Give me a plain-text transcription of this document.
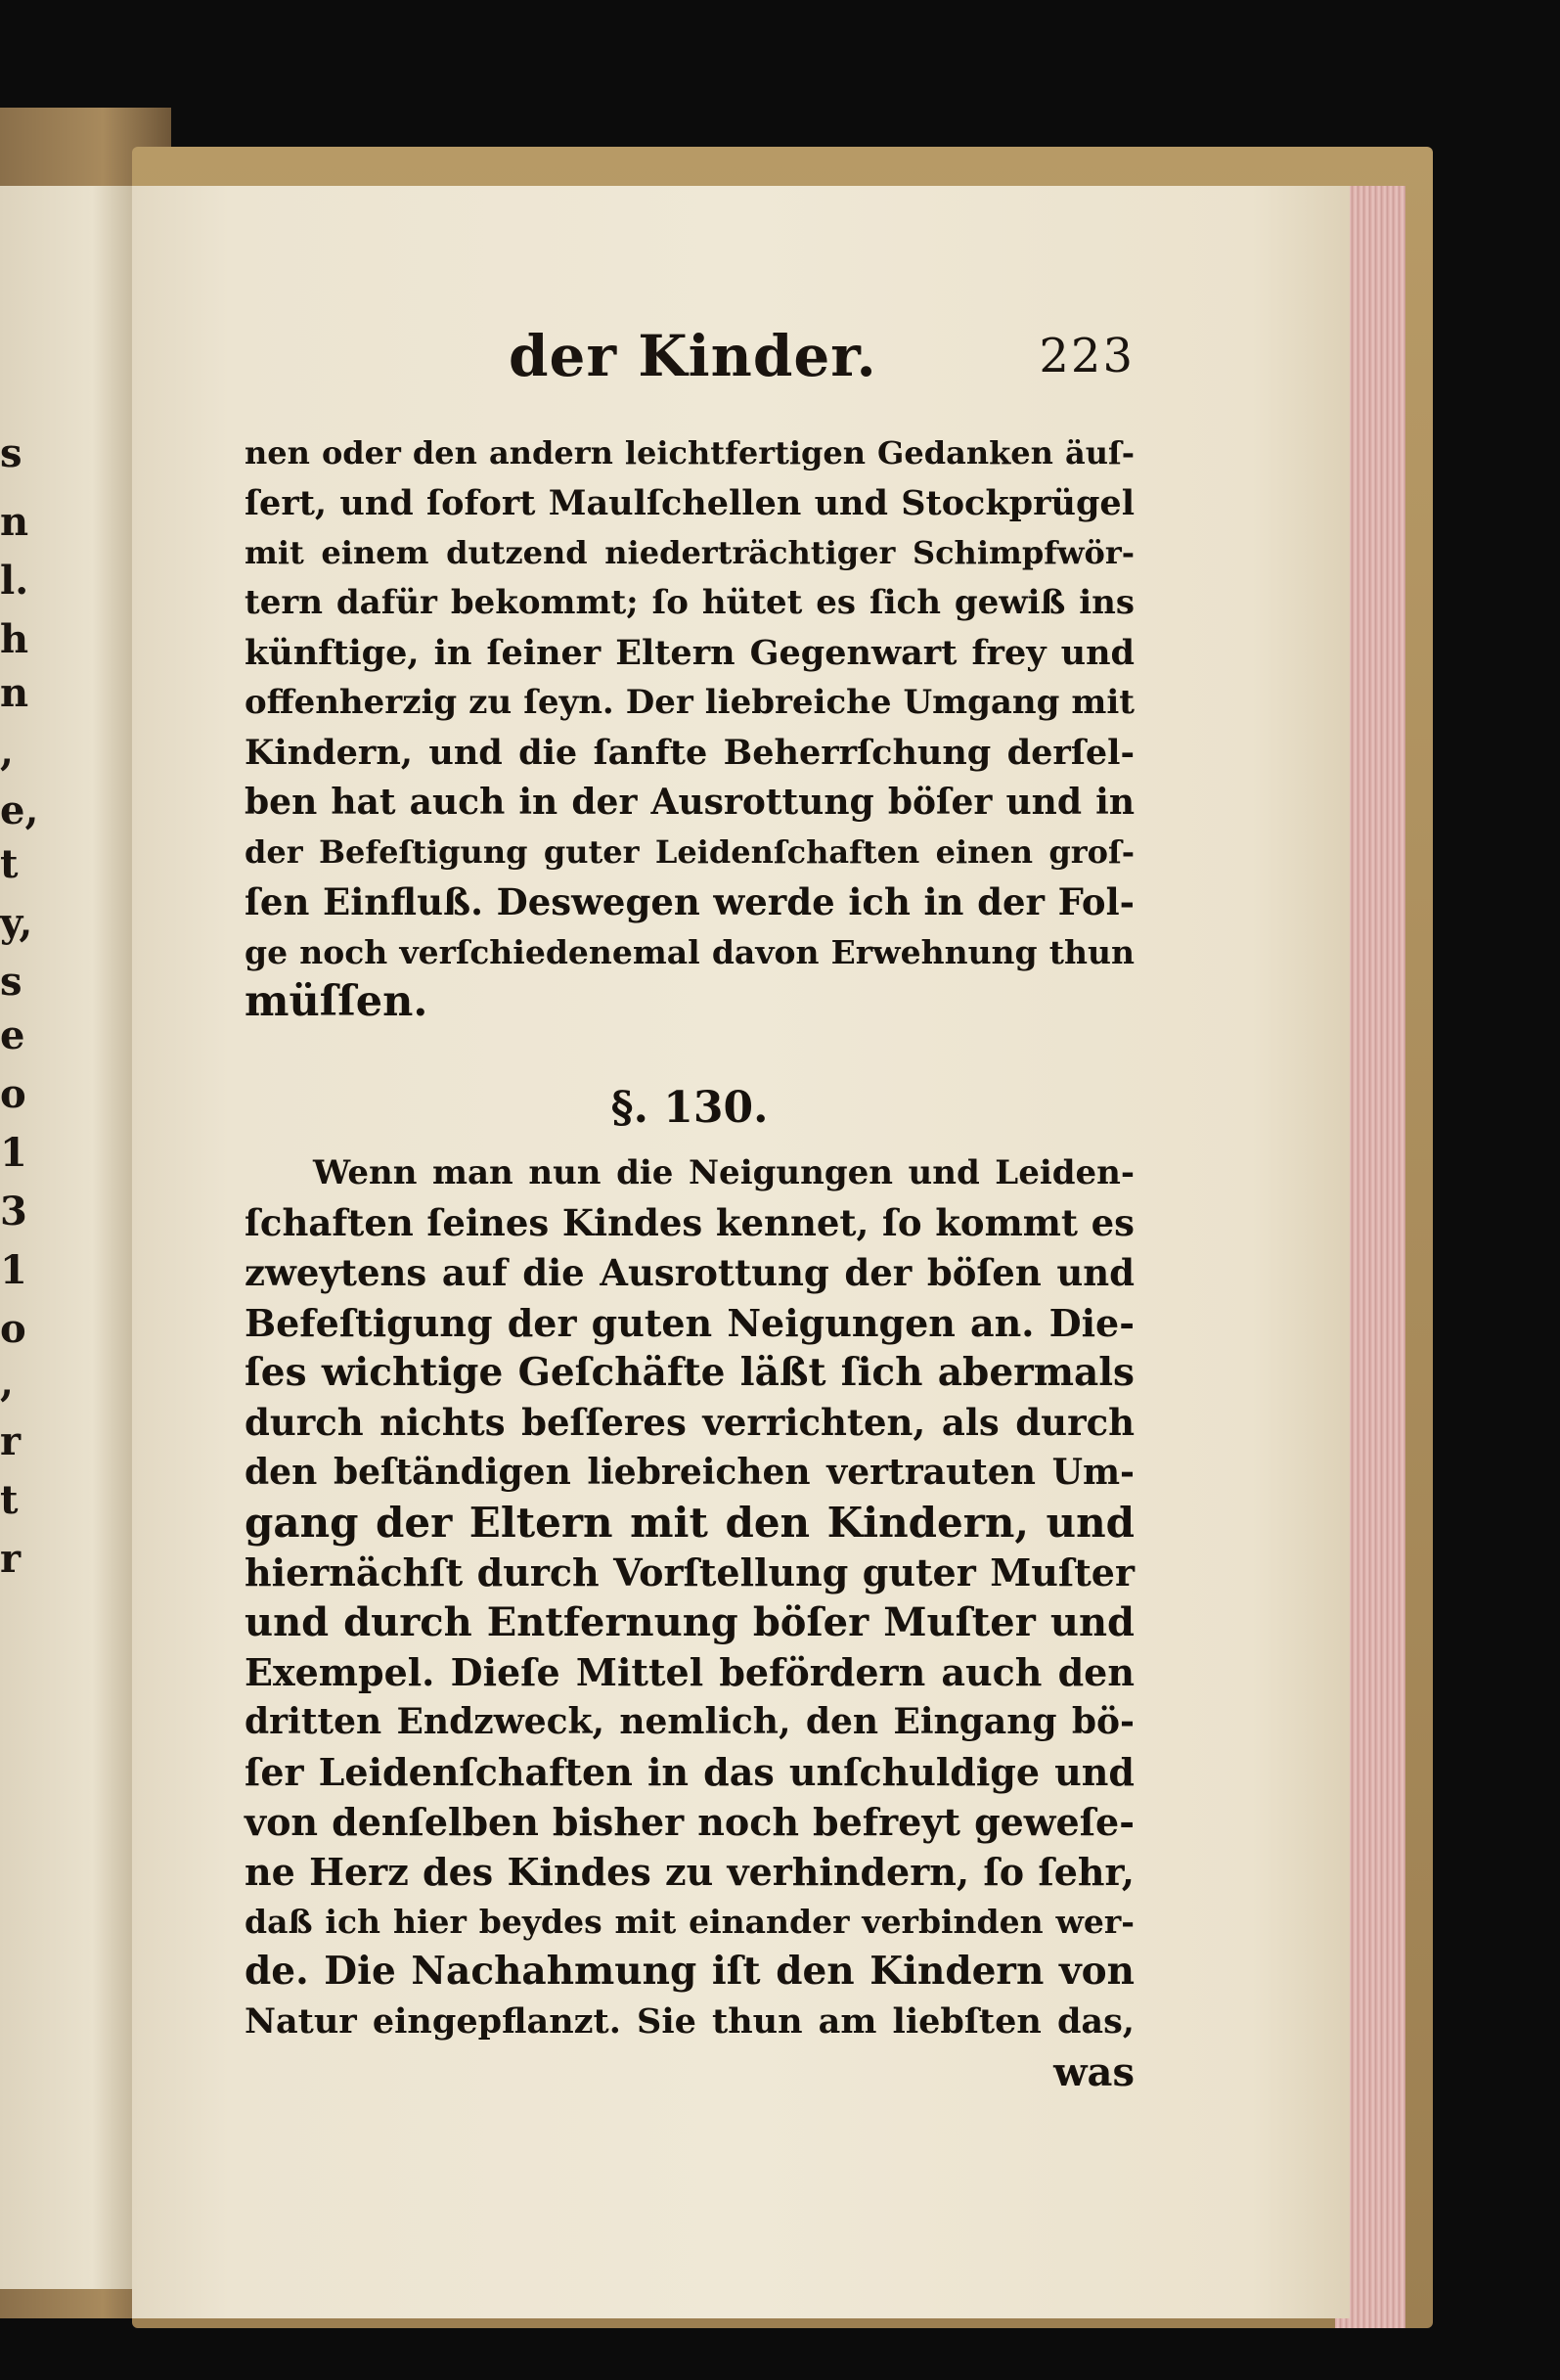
s
n
l.
h
n
,
e,
t
y,
s
e
o
1
3
1
o
,
r
t
r
der Kinder.	223
nen oder den andern leichtfertigen Gedanken äuſ-
ſert, und ſofort Maulſchellen und Stockprügel
mit einem dutzend niederträchtiger Schimpfwör-
tern dafür bekommt; ſo hütet es ſich gewiß ins
künftige, in ſeiner Eltern Gegenwart frey und
offenherzig zu ſeyn. Der liebreiche Umgang mit
Kindern, und die ſanfte Beherrſchung derſel-
ben hat auch in der Ausrottung böſer und in
der Befeſtigung guter Leidenſchaften einen groſ-
ſen Einfluß. Deswegen werde ich in der Fol-
ge noch verſchiedenemal davon Erwehnung thun
müſſen.
§. 130.
Wenn man nun die Neigungen und Leiden-
ſchaften ſeines Kindes kennet, ſo kommt es
zweytens auf die Ausrottung der böſen und
Befeſtigung der guten Neigungen an. Die-
ſes wichtige Geſchäfte läßt ſich abermals
durch nichts beſſeres verrichten, als durch
den beſtändigen liebreichen vertrauten Um-
gang der Eltern mit den Kindern, und
hiernächſt durch Vorſtellung guter Muſter
und durch Entfernung böſer Muſter und
Exempel. Dieſe Mittel befördern auch den
dritten Endzweck, nemlich, den Eingang bö-
ſer Leidenſchaften in das unſchuldige und
von denſelben bisher noch befreyt geweſe-
ne Herz des Kindes zu verhindern, ſo ſehr,
daß ich hier beydes mit einander verbinden wer-
de. Die Nachahmung iſt den Kindern von
Natur eingepflanzt. Sie thun am liebſten das,
was
